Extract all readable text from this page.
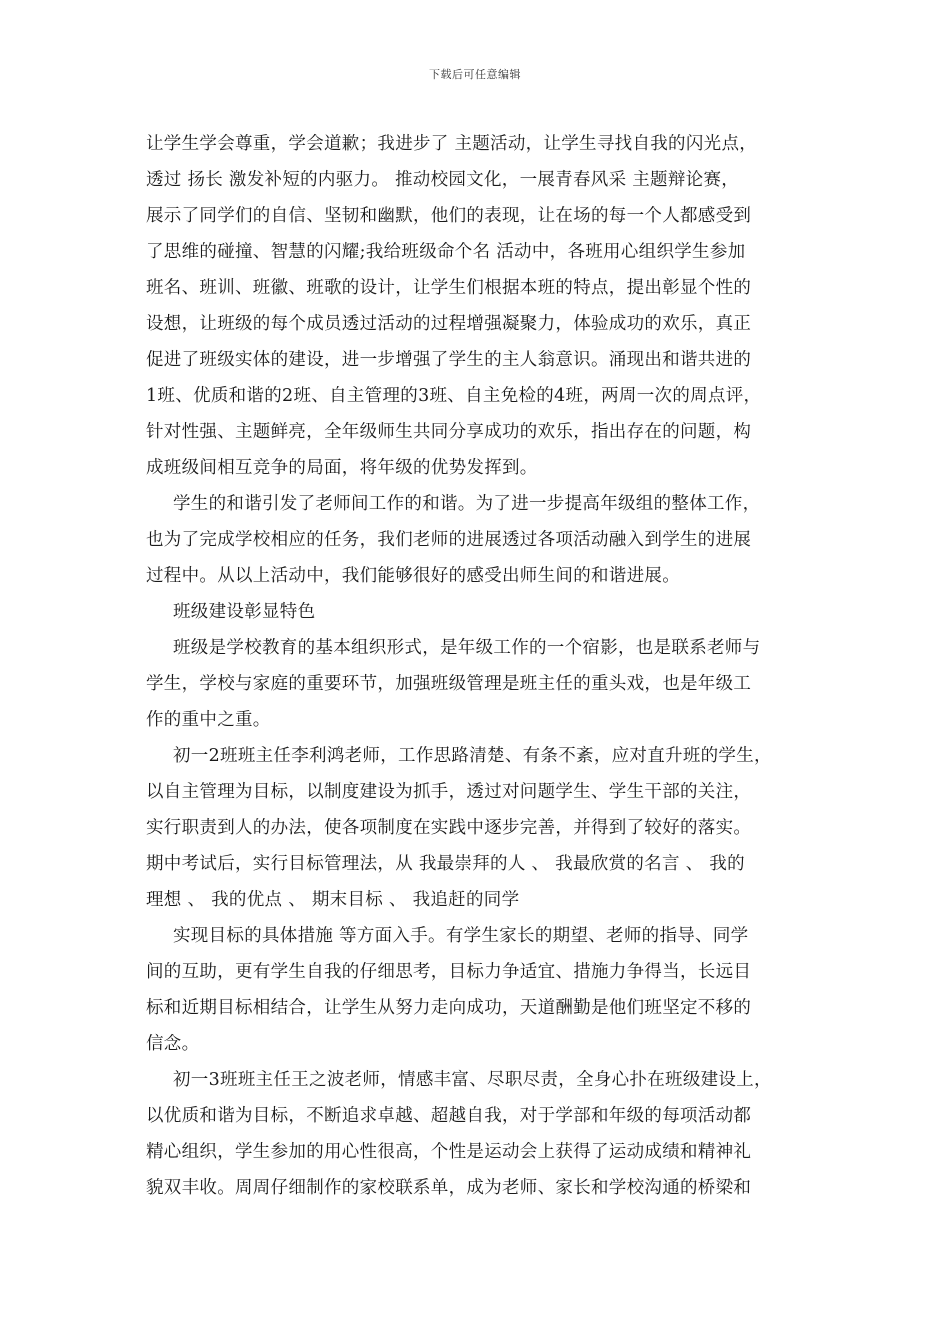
下载后可任意编辑
让学生学会尊重，学会道歉；我进步了 主题活动，让学生寻找自我的闪光点，
透过 扬长 激发补短的内驱力。 推动校园文化，一展青春风采 主题辩论赛，
展示了同学们的自信、坚韧和幽默，他们的表现，让在场的每一个人都感受到
了思维的碰撞、智慧的闪耀;我给班级命个名 活动中，各班用心组织学生参加
班名、班训、班徽、班歌的设计，让学生们根据本班的特点，提出彰显个性的
设想，让班级的每个成员透过活动的过程增强凝聚力，体验成功的欢乐，真正
促进了班级实体的建设，进一步增强了学生的主人翁意识。涌现出和谐共进的
1班、优质和谐的2班、自主管理的3班、自主免检的4班，两周一次的周点评，
针对性强、主题鲜亮，全年级师生共同分享成功的欢乐，指出存在的问题，构
成班级间相互竞争的局面，将年级的优势发挥到。
学生的和谐引发了老师间工作的和谐。为了进一步提高年级组的整体工作，
也为了完成学校相应的任务，我们老师的进展透过各项活动融入到学生的进展
过程中。从以上活动中，我们能够很好的感受出师生间的和谐进展。
班级建设彰显特色
班级是学校教育的基本组织形式，是年级工作的一个宿影，也是联系老师与
学生，学校与家庭的重要环节，加强班级管理是班主任的重头戏，也是年级工
作的重中之重。
初一2班班主任李利鸿老师，工作思路清楚、有条不紊，应对直升班的学生，
以自主管理为目标，以制度建设为抓手，透过对问题学生、学生干部的关注，
实行职责到人的办法，使各项制度在实践中逐步完善，并得到了较好的落实。
期中考试后，实行目标管理法，从 我最崇拜的人 、 我最欣赏的名言 、 我的
理想 、 我的优点 、 期末目标 、 我追赶的同学
实现目标的具体措施 等方面入手。有学生家长的期望、老师的指导、同学
间的互助，更有学生自我的仔细思考，目标力争适宜、措施力争得当，长远目
标和近期目标相结合，让学生从努力走向成功，天道酬勤是他们班坚定不移的
信念。
初一3班班主任王之波老师，情感丰富、尽职尽责，全身心扑在班级建设上，
以优质和谐为目标，不断追求卓越、超越自我，对于学部和年级的每项活动都
精心组织，学生参加的用心性很高，个性是运动会上获得了运动成绩和精神礼
貌双丰收。周周仔细制作的家校联系单，成为老师、家长和学校沟通的桥梁和
